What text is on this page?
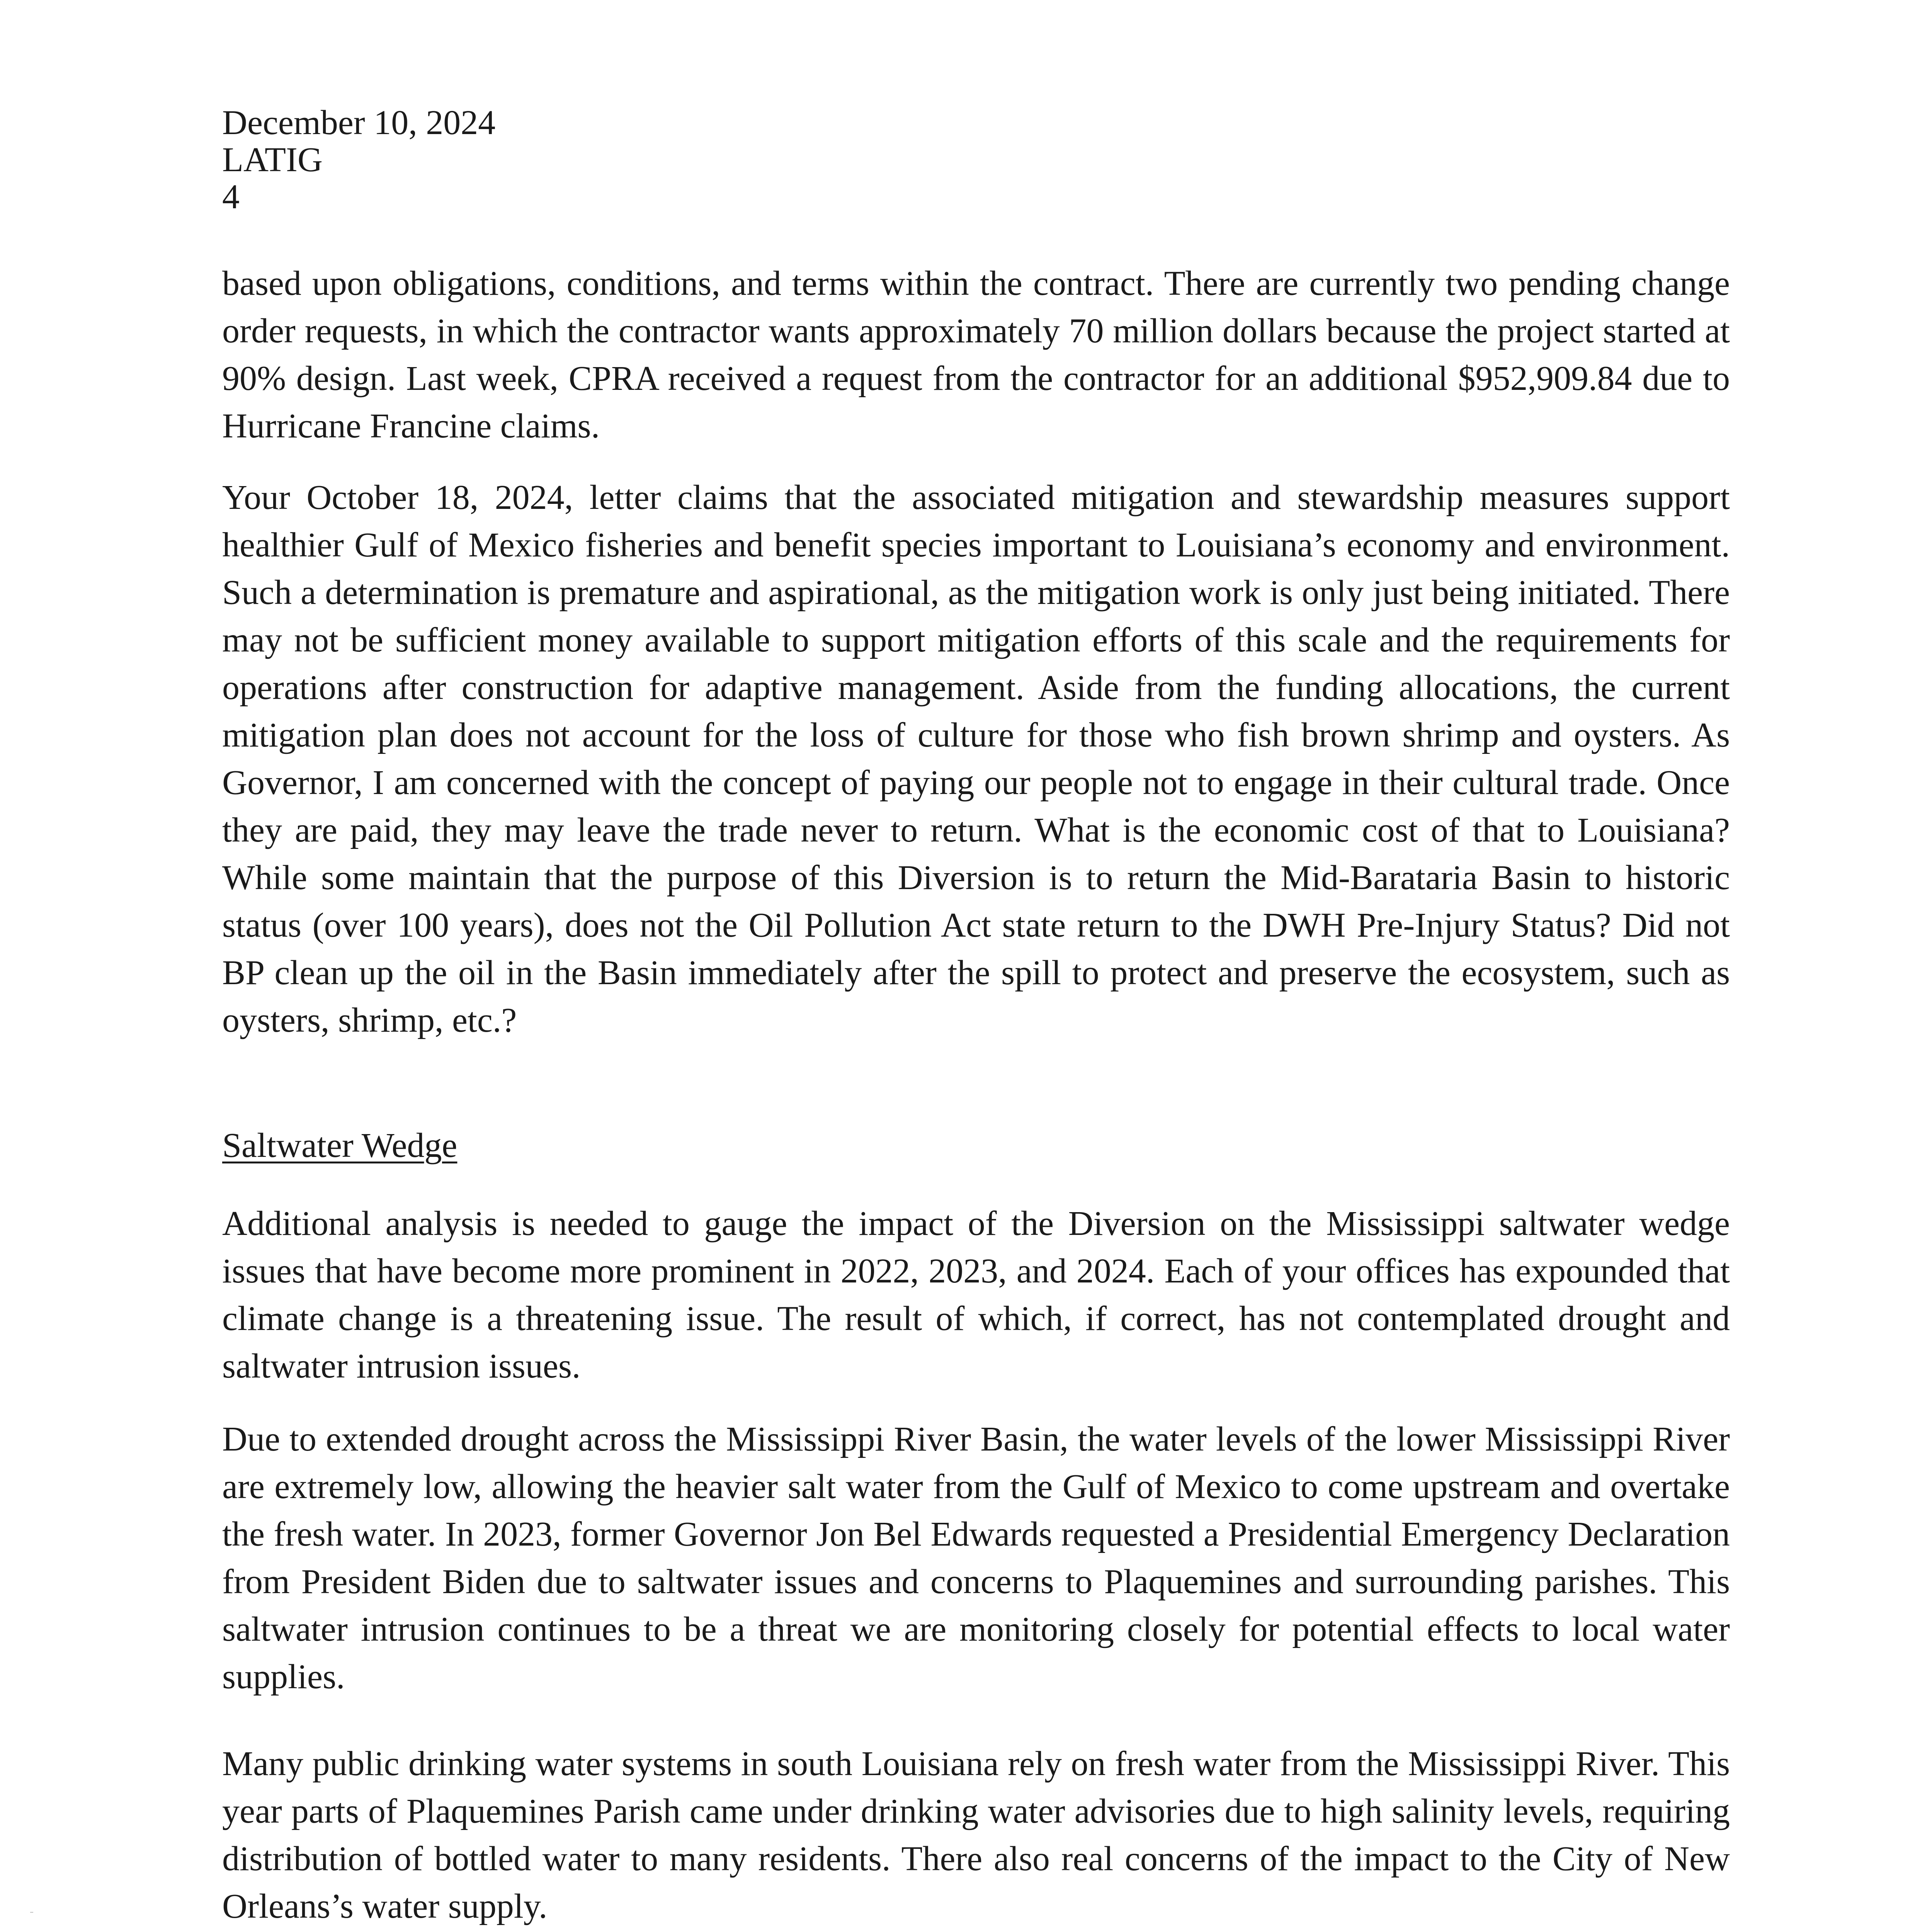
December 10, 2024
LATIG
4

based upon obligations, conditions, and terms within the contract. There are currently two pending change order requests, in which the contractor wants approximately 70 million dollars because the project started at 90% design. Last week, CPRA received a request from the contractor for an additional $952,909.84 due to Hurricane Francine claims.

Your October 18, 2024, letter claims that the associated mitigation and stewardship measures support healthier Gulf of Mexico fisheries and benefit species important to Louisiana’s economy and environment. Such a determination is premature and aspirational, as the mitigation work is only just being initiated. There may not be sufficient money available to support mitigation efforts of this scale and the requirements for operations after construction for adaptive management. Aside from the funding allocations, the current mitigation plan does not account for the loss of culture for those who fish brown shrimp and oysters. As Governor, I am concerned with the concept of paying our people not to engage in their cultural trade. Once they are paid, they may leave the trade never to return. What is the economic cost of that to Louisiana? While some maintain that the purpose of this Diversion is to return the Mid-Barataria Basin to historic status (over 100 years), does not the Oil Pollution Act state return to the DWH Pre-Injury Status? Did not BP clean up the oil in the Basin immediately after the spill to protect and preserve the ecosystem, such as oysters, shrimp, etc.?

Saltwater Wedge

Additional analysis is needed to gauge the impact of the Diversion on the Mississippi saltwater wedge issues that have become more prominent in 2022, 2023, and 2024. Each of your offices has expounded that climate change is a threatening issue. The result of which, if correct, has not contemplated drought and saltwater intrusion issues.

Due to extended drought across the Mississippi River Basin, the water levels of the lower Mississippi River are extremely low, allowing the heavier salt water from the Gulf of Mexico to come upstream and overtake the fresh water. In 2023, former Governor Jon Bel Edwards requested a Presidential Emergency Declaration from President Biden due to saltwater issues and concerns to Plaquemines and surrounding parishes. This saltwater intrusion continues to be a threat we are monitoring closely for potential effects to local water supplies.

Many public drinking water systems in south Louisiana rely on fresh water from the Mississippi River. This year parts of Plaquemines Parish came under drinking water advisories due to high salinity levels, requiring distribution of bottled water to many residents. There also real concerns of the impact to the City of New Orleans’s water supply.
